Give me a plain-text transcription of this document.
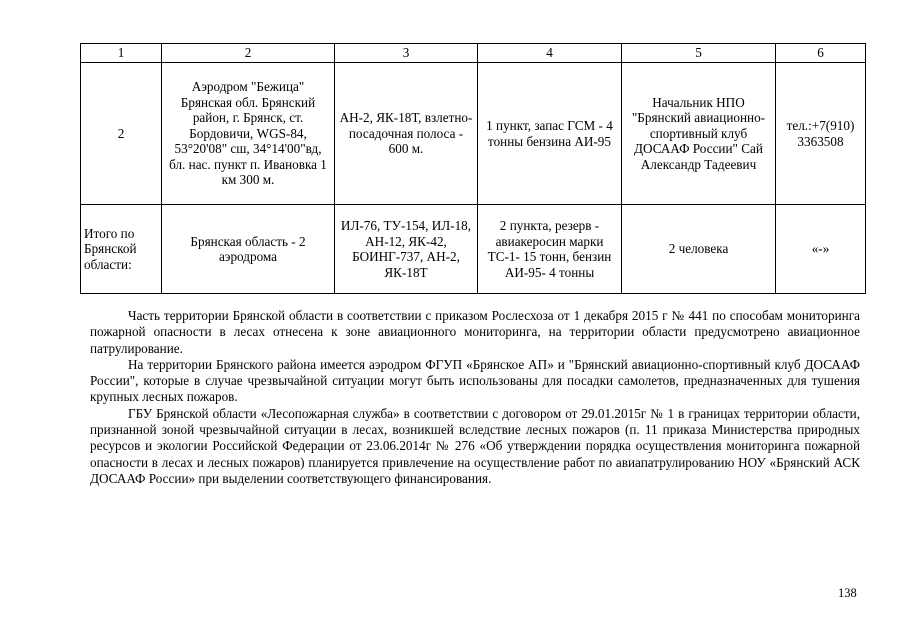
1	2	3	4	5	6
2	Аэродром "Бежица" Брянская обл. Брянский район, г. Брянск, ст. Бордовичи, WGS-84, 53°20'08" сш, 34°14'00"вд, бл. нас. пункт п. Ивановка 1 км 300 м.	АН-2, ЯК-18Т, взлетно-посадочная полоса - 600 м.	1 пункт, запас ГСМ - 4 тонны бензина АИ-95	Начальник НПО "Брянский авиационно-спортивный клуб ДОСААФ России" Сай Александр Тадеевич	тел.:+7(910) 3363508
Итого по Брянской области:	Брянская область - 2 аэродрома	ИЛ-76, ТУ-154, ИЛ-18, АН-12, ЯК-42, БОИНГ-737, АН-2, ЯК-18Т	2 пункта, резерв - авиакеросин марки ТС-1- 15 тонн, бензин АИ-95- 4 тонны	2 человека	«-»

Часть территории Брянской области в соответствии с приказом Рослесхоза от 1 декабря 2015 г № 441 по способам мониторинга пожарной опасности в лесах отнесена к зоне авиационного мониторинга, на территории области предусмотрено авиационное патрулирование.

На территории Брянского района имеется аэродром ФГУП «Брянское АП» и "Брянский авиационно-спортивный клуб ДОСААФ России", которые в случае чрезвычайной ситуации могут быть использованы для посадки самолетов, предназначенных для тушения крупных лесных пожаров.

ГБУ Брянской области «Лесопожарная служба» в соответствии с договором от 29.01.2015г № 1 в границах территории области, признанной зоной чрезвычайной ситуации в лесах, возникшей вследствие лесных пожаров (п. 11 приказа Министерства природных ресурсов и экологии Российской Федерации от 23.06.2014г № 276 «Об утверждении порядка осуществления мониторинга пожарной опасности в лесах и лесных пожаров) планируется привлечение на осуществление работ по авиапатрулированию НОУ «Брянский АСК ДОСААФ России» при выделении соответствующего финансирования.

138
